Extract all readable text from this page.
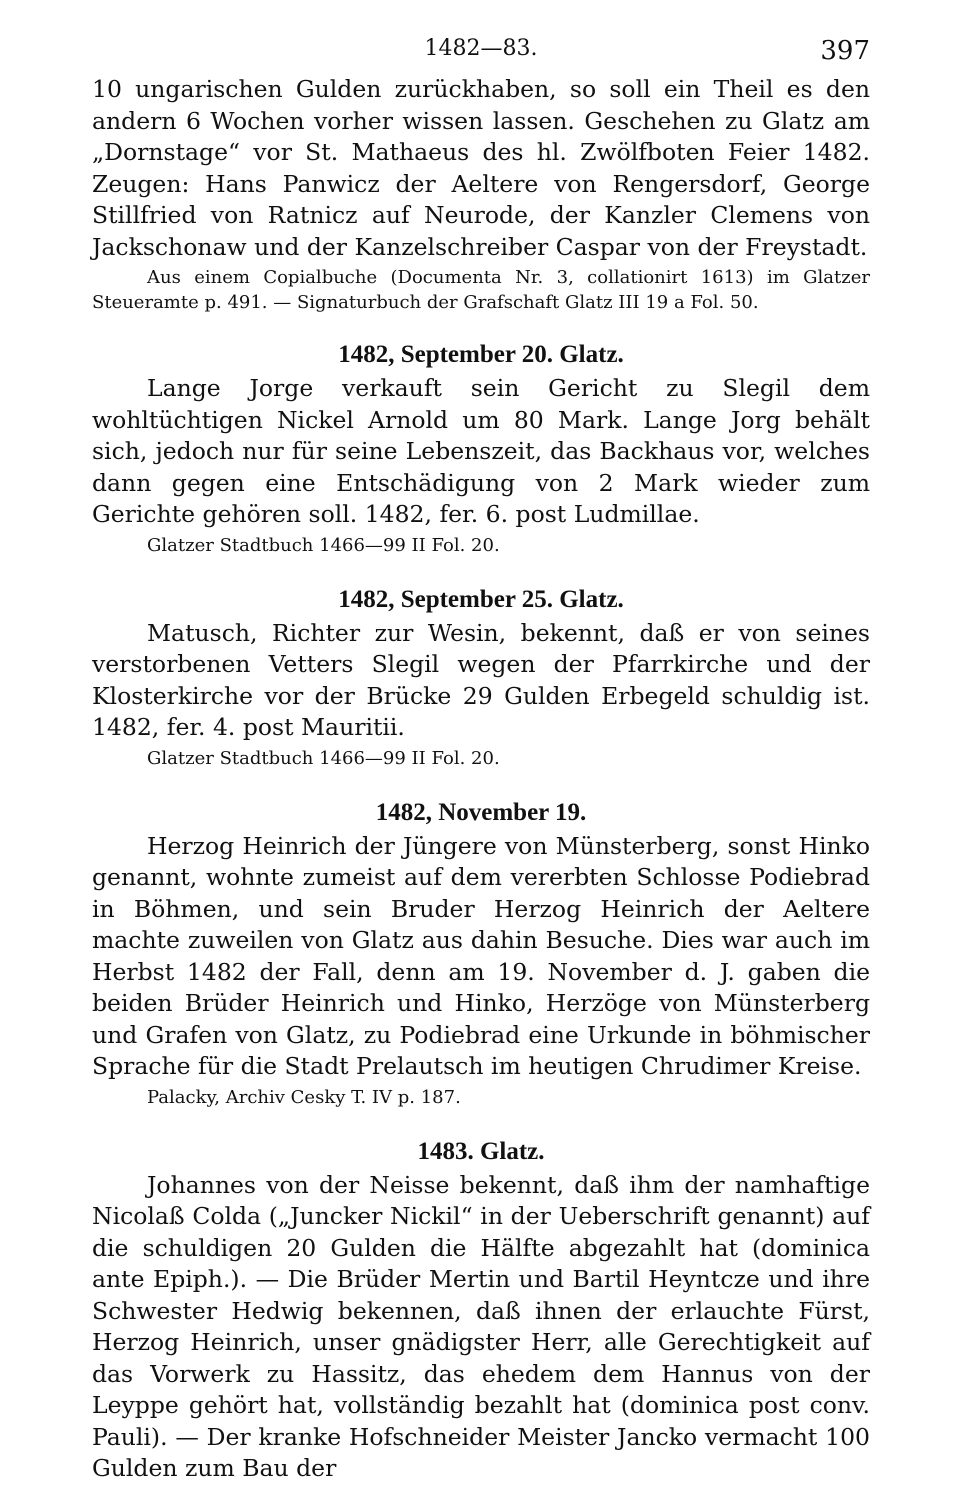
1482—83.	397

10 ungarischen Gulden zurückhaben, so soll ein Theil es den andern 6 Wochen vorher wissen lassen. Geschehen zu Glatz am „Dornstage“ vor St. Mathaeus des hl. Zwölfboten Feier 1482. Zeugen: Hans Panwicz der Aeltere von Rengersdorf, George Stillfried von Ratnicz auf Neurode, der Kanzler Clemens von Jackschonaw und der Kanzelschreiber Caspar von der Freystadt.

Aus einem Copialbuche (Documenta Nr. 3, collationirt 1613) im Glatzer Steueramte p. 491. — Signaturbuch der Grafschaft Glatz III 19 a Fol. 50.

1482, September 20. Glatz.

Lange Jorge verkauft sein Gericht zu Slegil dem wohltüchtigen Nickel Arnold um 80 Mark. Lange Jorg behält sich, jedoch nur für seine Lebenszeit, das Backhaus vor, welches dann gegen eine Entschädigung von 2 Mark wieder zum Gerichte gehören soll. 1482, fer. 6. post Ludmillae.

Glatzer Stadtbuch 1466—99 II Fol. 20.

1482, September 25. Glatz.

Matusch, Richter zur Wesin, bekennt, daß er von seines verstorbenen Vetters Slegil wegen der Pfarrkirche und der Klosterkirche vor der Brücke 29 Gulden Erbegeld schuldig ist. 1482, fer. 4. post Mauritii.

Glatzer Stadtbuch 1466—99 II Fol. 20.

1482, November 19.

Herzog Heinrich der Jüngere von Münsterberg, sonst Hinko genannt, wohnte zumeist auf dem vererbten Schlosse Podiebrad in Böhmen, und sein Bruder Herzog Heinrich der Aeltere machte zuweilen von Glatz aus dahin Besuche. Dies war auch im Herbst 1482 der Fall, denn am 19. November d. J. gaben die beiden Brüder Heinrich und Hinko, Herzöge von Münsterberg und Grafen von Glatz, zu Podiebrad eine Urkunde in böhmischer Sprache für die Stadt Prelautsch im heutigen Chrudimer Kreise.

Palacky, Archiv Cesky T. IV p. 187.

1483. Glatz.

Johannes von der Neisse bekennt, daß ihm der namhaftige Nicolaß Colda („Juncker Nickil“ in der Ueberschrift genannt) auf die schuldigen 20 Gulden die Hälfte abgezahlt hat (dominica ante Epiph.). — Die Brüder Mertin und Bartil Heyntcze und ihre Schwester Hedwig bekennen, daß ihnen der erlauchte Fürst, Herzog Heinrich, unser gnädigster Herr, alle Gerechtigkeit auf das Vorwerk zu Hassitz, das ehedem dem Hannus von der Leyppe gehört hat, vollständig bezahlt hat (dominica post conv. Pauli). — Der kranke Hofschneider Meister Jancko vermacht 100 Gulden zum Bau der
